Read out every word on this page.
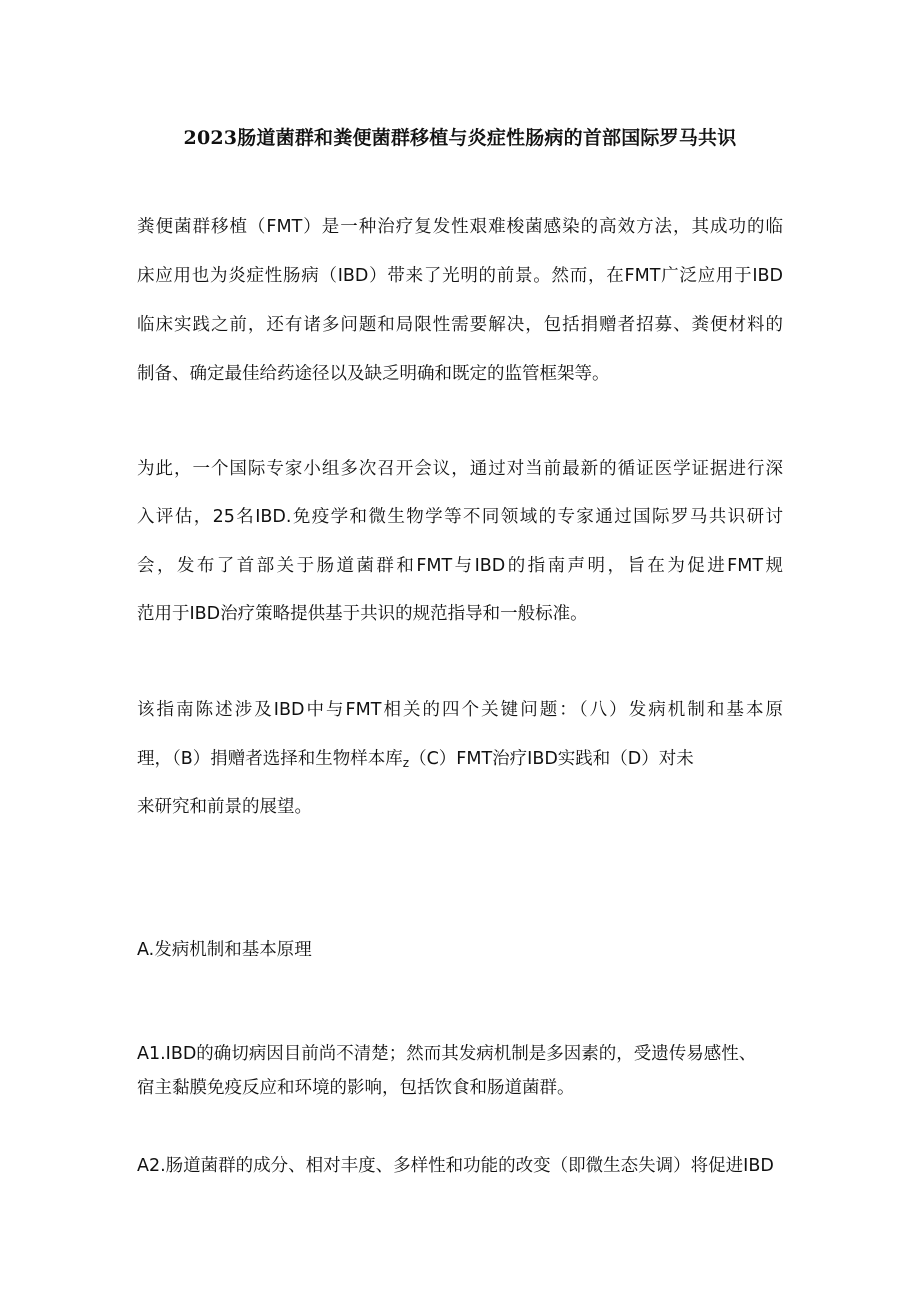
2023肠道菌群和粪便菌群移植与炎症性肠病的首部国际罗马共识
粪便菌群移植（FMT）是一种治疗复发性艰难梭菌感染的高效方法，其成功的临
床应用也为炎症性肠病（IBD）带来了光明的前景。然而，在FMT广泛应用于IBD
临床实践之前，还有诸多问题和局限性需要解决，包括捐赠者招募、粪便材料的
制备、确定最佳给药途径以及缺乏明确和既定的监管框架等。
为此，一个国际专家小组多次召开会议，通过对当前最新的循证医学证据进行深
入评估，25名IBD.免疫学和微生物学等不同领域的专家通过国际罗马共识研讨
会，发布了首部关于肠道菌群和FMT与IBD的指南声明，旨在为促进FMT规
范用于IBD治疗策略提供基于共识的规范指导和一般标准。
该指南陈述涉及IBD中与FMT相关的四个关键问题：（八）发病机制和基本原
理，（B）捐赠者选择和生物样本库$_z$（C）FMT治疗IBD实践和（D）对未
来研究和前景的展望。
A.发病机制和基本原理
A1.IBD的确切病因目前尚不清楚；然而其发病机制是多因素的，受遗传易感性、
宿主黏膜免疫反应和环境的影响，包括饮食和肠道菌群。
A2.肠道菌群的成分、相对丰度、多样性和功能的改变（即微生态失调）将促进IBD
